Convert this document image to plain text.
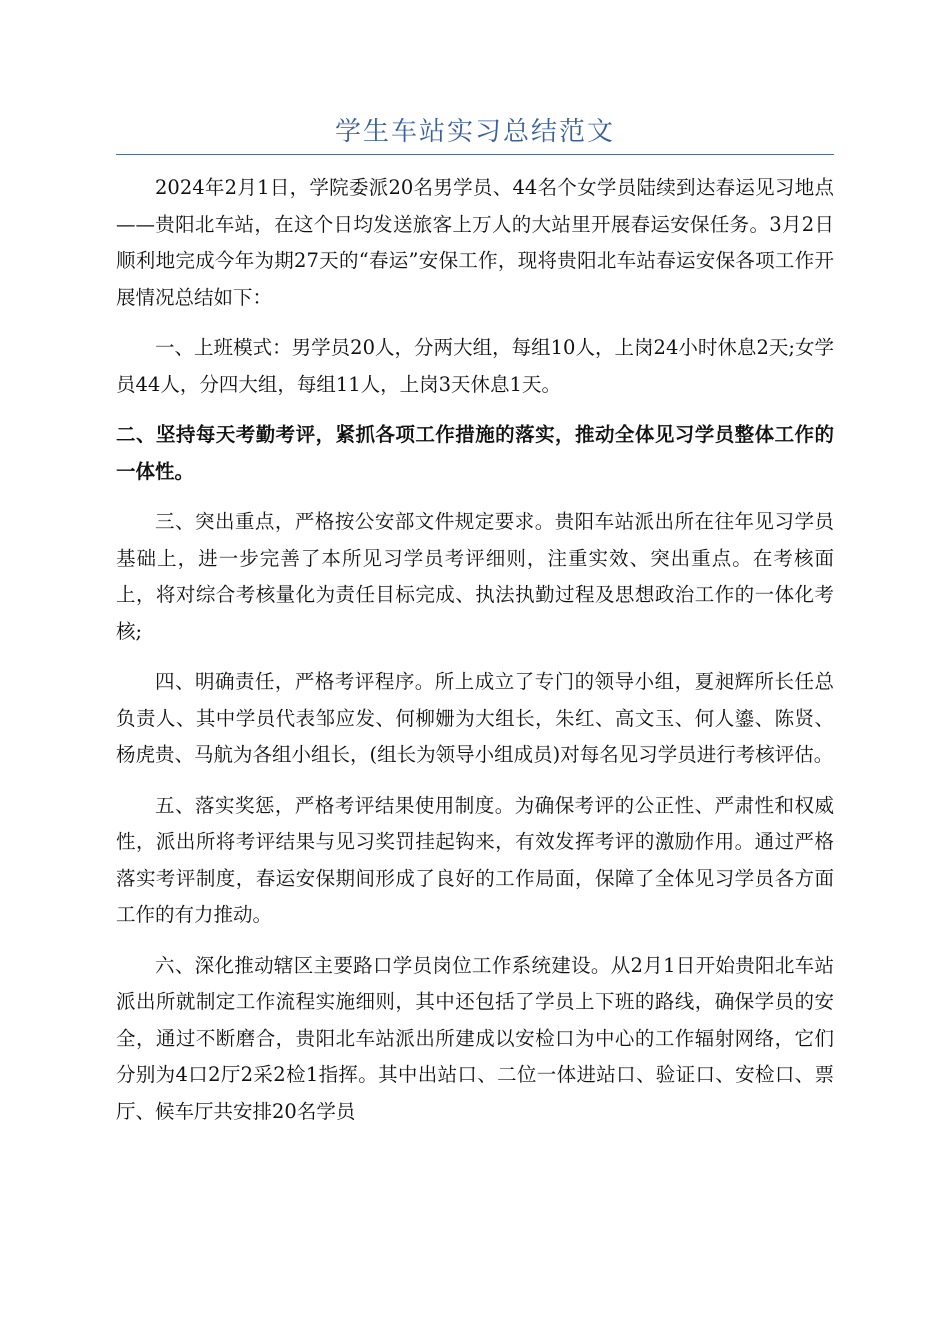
学生车站实习总结范文

2024年2月1日，学院委派20名男学员、44名个女学员陆续到达春运见习地点——贵阳北车站，在这个日均发送旅客上万人的大站里开展春运安保任务。3月2日顺利地完成今年为期27天的“春运”安保工作，现将贵阳北车站春运安保各项工作开展情况总结如下：

一、上班模式：男学员20人，分两大组，每组10人，上岗24小时休息2天;女学员44人，分四大组，每组11人，上岗3天休息1天。

二、坚持每天考勤考评，紧抓各项工作措施的落实，推动全体见习学员整体工作的一体性。

三、突出重点，严格按公安部文件规定要求。贵阳车站派出所在往年见习学员基础上，进一步完善了本所见习学员考评细则，注重实效、突出重点。在考核面上，将对综合考核量化为责任目标完成、执法执勤过程及思想政治工作的一体化考核;

四、明确责任，严格考评程序。所上成立了专门的领导小组，夏昶辉所长任总负责人、其中学员代表邹应发、何柳姗为大组长，朱红、高文玉、何人鎏、陈贤、杨虎贵、马航为各组小组长，(组长为领导小组成员)对每名见习学员进行考核评估。

五、落实奖惩，严格考评结果使用制度。为确保考评的公正性、严肃性和权威性，派出所将考评结果与见习奖罚挂起钩来，有效发挥考评的激励作用。通过严格落实考评制度，春运安保期间形成了良好的工作局面，保障了全体见习学员各方面工作的有力推动。

六、深化推动辖区主要路口学员岗位工作系统建设。从2月1日开始贵阳北车站派出所就制定工作流程实施细则，其中还包括了学员上下班的路线，确保学员的安全，通过不断磨合，贵阳北车站派出所建成以安检口为中心的工作辐射网络，它们分别为4口2厅2采2检1指挥。其中出站口、二位一体进站口、验证口、安检口、票厅、候车厅共安排20名学员
